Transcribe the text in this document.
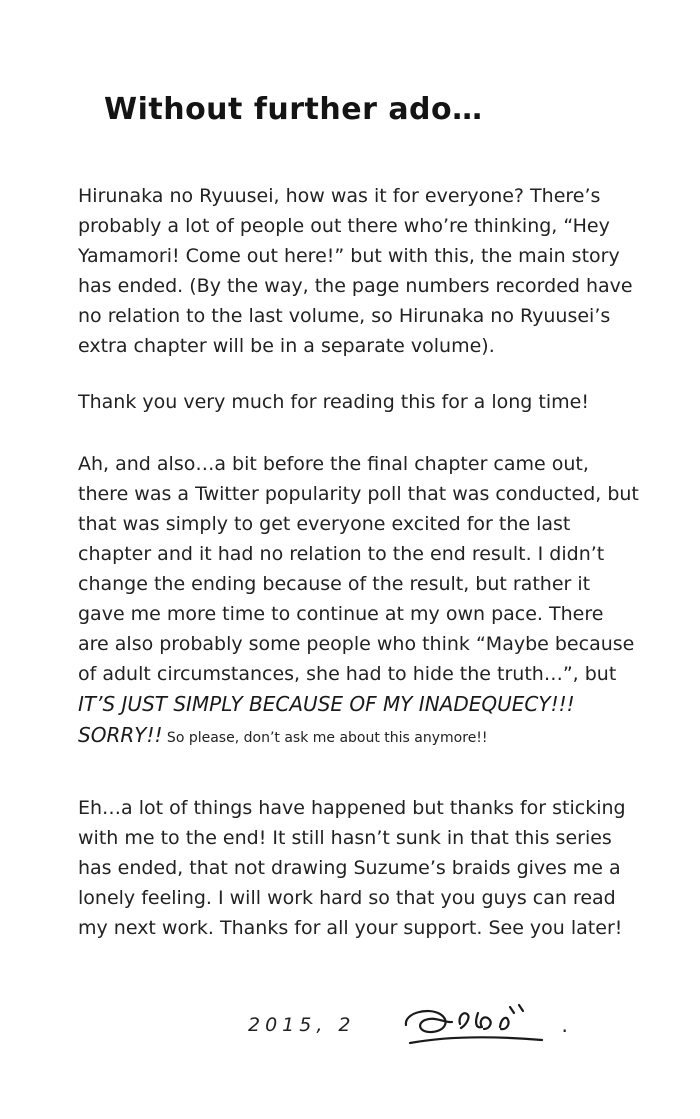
Without further ado…

Hirunaka no Ryuusei, how was it for everyone? There’s probably a lot of people out there who’re thinking, “Hey Yamamori! Come out here!” but with this, the main story has ended. (By the way, the page numbers recorded have no relation to the last volume, so Hirunaka no Ryuusei’s extra chapter will be in a separate volume).

Thank you very much for reading this for a long time!

Ah, and also…a bit before the final chapter came out, there was a Twitter popularity poll that was conducted, but that was simply to get everyone excited for the last chapter and it had no relation to the end result. I didn’t change the ending because of the result, but rather it gave me more time to continue at my own pace. There are also probably some people who think “Maybe because of adult circumstances, she had to hide the truth…”, but IT’S JUST SIMPLY BECAUSE OF MY INADEQUECY!!! SORRY!! So please, don’t ask me about this anymore!!

Eh…a lot of things have happened but thanks for sticking with me to the end! It still hasn’t sunk in that this series has ended, that not drawing Suzume’s braids gives me a lonely feeling. I will work hard so that you guys can read my next work. Thanks for all your support. See you later!

2015, 2	.
